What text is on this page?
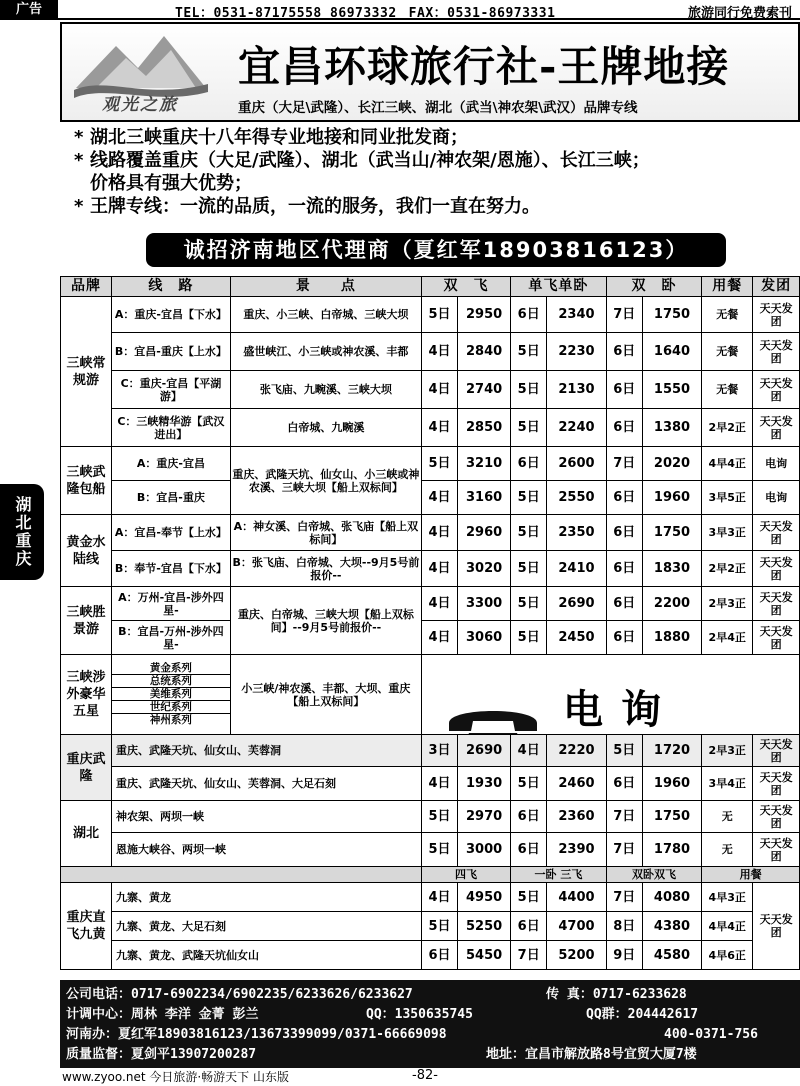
广告	TEL：0531-87175558 86973332 FAX：0531-86973331	旅游同行免费索刊
观光之旅
宜昌环球旅行社-王牌地接
重庆（大足\武隆）、长江三峡、湖北（武当\神农架\武汉）品牌专线
* 湖北三峡重庆十八年得专业地接和同业批发商；
* 线路覆盖重庆（大足/武隆）、湖北（武当山/神农架/恩施）、长江三峡；
价格具有强大优势；
* 王牌专线：一流的品质，一流的服务，我们一直在努力。
诚招济南地区代理商（夏红军18903816123）
湖北重庆
品牌	线　路	景　　点	双　飞		单飞单卧		双　卧		用餐	发团
三峡常规游	A：重庆-宜昌【下水】	重庆、小三峡、白帝城、三峡大坝	5日	2950	6日	2340	7日	1750	无餐	天天发团
	B：宜昌-重庆【上水】	盛世峡江、小三峡或神农溪、丰都	4日	2840	5日	2230	6日	1640	无餐	天天发团
	C：重庆-宜昌【平湖游】	张飞庙、九畹溪、三峡大坝	4日	2740	5日	2130	6日	1550	无餐	天天发团
	C：三峡精华游【武汉进出】	白帝城、九畹溪	4日	2850	5日	2240	6日	1380	2早2正	天天发团
三峡武隆包船	A：重庆-宜昌	重庆、武隆天坑、仙女山、小三峡或神农溪、三峡大坝【船上双标间】	5日	3210	6日	2600	7日	2020	4早4正	电询
	B：宜昌-重庆		4日	3160	5日	2550	6日	1960	3早5正	电询
黄金水陆线	A：宜昌-奉节【上水】	A：神女溪、白帝城、张飞庙【船上双标间】	4日	2960	5日	2350	6日	1750	3早3正	天天发团
	B：奉节-宜昌【下水】	B：张飞庙、白帝城、大坝--9月5号前报价--	4日	3020	5日	2410	6日	1830	2早2正	天天发团
三峡胜景游	A：万州-宜昌-涉外四星-	重庆、白帝城、三峡大坝【船上双标间】--9月5号前报价--	4日	3300	5日	2690	6日	2200	2早3正	天天发团
	B：宜昌-万州-涉外四星-		4日	3060	5日	2450	6日	1880	2早4正	天天发团
三峡涉外豪华五星	黄金系列
总统系列
美维系列
世纪系列
神州系列	小三峡/神农溪、丰都、大坝、重庆【船上双标间】	电询							

重庆武隆	重庆、武隆天坑、仙女山、芙蓉洞		3日	2690	4日	2220	5日	1720	2早3正	天天发团
	重庆、武隆天坑、仙女山、芙蓉洞、大足石刻		4日	1930	5日	2460	6日	1960	3早4正	天天发团
湖北	神农架、两坝一峡		5日	2970	6日	2360	7日	1750	无	天天发团
	恩施大峡谷、两坝一峡		5日	3000	6日	2390	7日	1780	无	天天发团
			四飞		一卧 三飞		双卧双飞		用餐	
重庆直飞九黄	九寨、黄龙		4日	4950	5日	4400	7日	4080	4早3正	天天发团
	九寨、黄龙、大足石刻		5日	5250	6日	4700	8日	4380	4早4正	
	九寨、黄龙、武隆天坑仙女山		6日	5450	7日	5200	9日	4580	4早6正	
公司电话：0717-6902234/6902235/6233626/6233627	传 真：0717-6233628
计调中心：周林 李洋 金菁 彭兰	QQ：1350635745	QQ群：204442617
河南办：夏红军18903816123/13673399099/0371-66669098	400-0371-756
质量监督：夏剑平13907200287	地址：宜昌市解放路8号宜贸大厦7楼
www.zyoo.net 今日旅游·畅游天下 山东版	-82-
